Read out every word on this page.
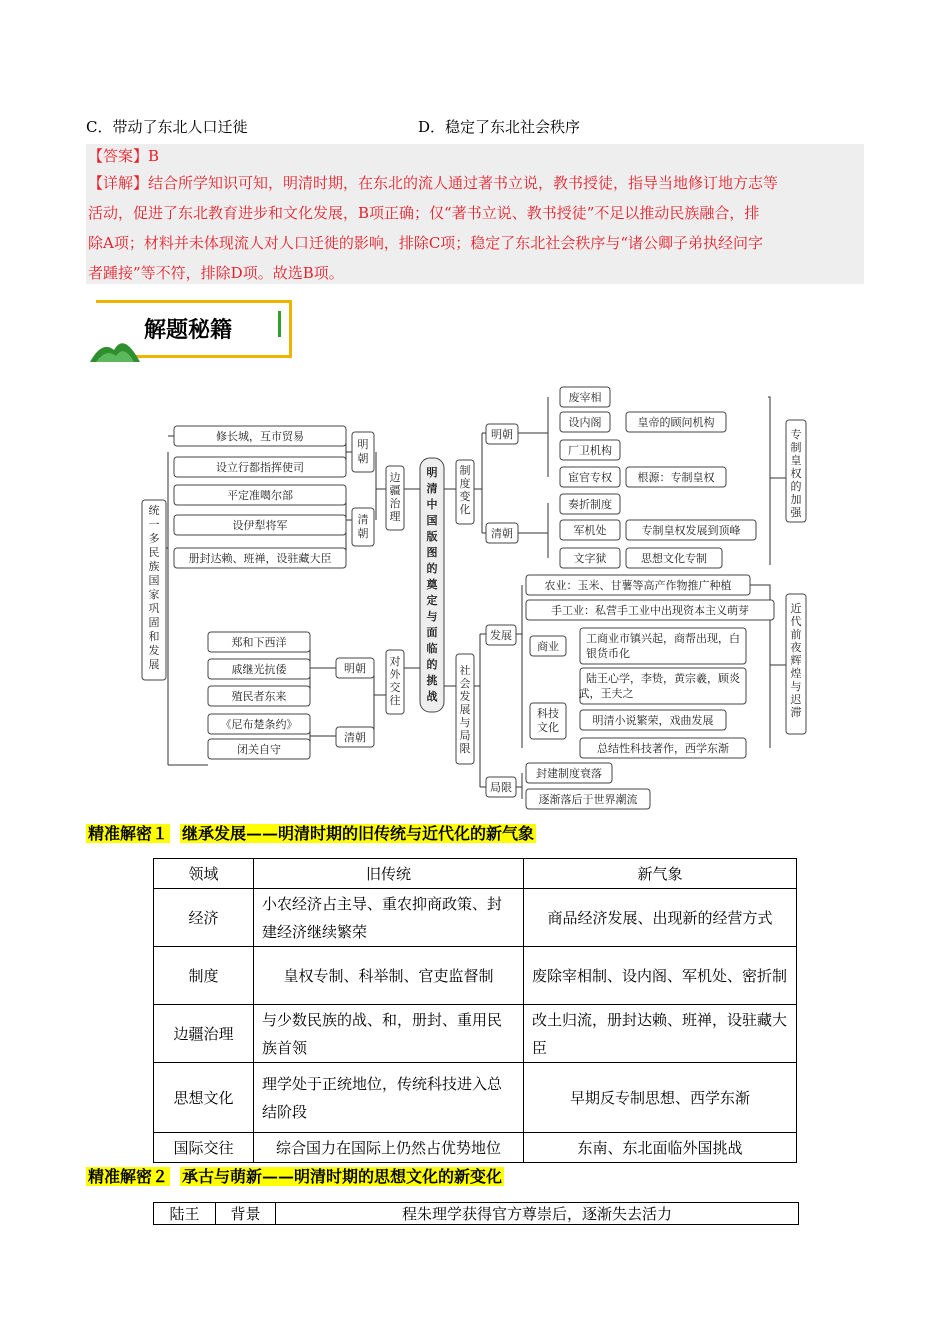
C．带动了东北人口迁徙	D．稳定了东北社会秩序
【答案】B
【详解】结合所学知识可知，明清时期，在东北的流人通过著书立说，教书授徒，指导当地修订地方志等
活动，促进了东北教育进步和文化发展，B项正确；仅“著书立说、教书授徒”不足以推动民族融合，排
除A项；材料并未体现流人对人口迁徙的影响，排除C项；稳定了东北社会秩序与“诸公卿子弟执经问字
者踵接”等不符，排除D项。故选B项。
解题秘籍
统一多民族国家巩固和发展
修长城，互市贸易
设立行都指挥使司
平定准噶尔部
设伊犁将军
册封达赖、班禅，设驻藏大臣
明朝
清朝
边疆治理
郑和下西洋
戚继光抗倭
殖民者东来
《尼布楚条约》
闭关自守
明朝
清朝
对外交往
明清中国版图的奠定与面临的挑战
制度变化
明朝
清朝
废宰相
设内阁
厂卫机构
宦官专权
皇帝的顾问机构
根源：专制皇权
奏折制度
军机处
文字狱
专制皇权发展到顶峰
思想文化专制
专制皇权的加强
社会发展与局限
发展
局限
农业：玉米、甘薯等高产作物推广种植
手工业：私营手工业中出现资本主义萌芽
商业
工商业市镇兴起，商帮出现，白银货币化
科技文化
陆王心学，李贽，黄宗羲，顾炎武，王夫之
明清小说繁荣，戏曲发展
总结性科技著作，西学东渐
封建制度衰落
逐渐落后于世界潮流
近代前夜辉煌与迟滞
精准解密１ 继承发展——明清时期的旧传统与近代化的新气象
领域	旧传统	新气象
经济	小农经济占主导、重农抑商政策、封建经济继续繁荣	商品经济发展、出现新的经营方式
制度	皇权专制、科举制、官吏监督制	废除宰相制、设内阁、军机处、密折制
边疆治理	与少数民族的战、和，册封、重用民族首领	改土归流，册封达赖、班禅，设驻藏大臣
思想文化	理学处于正统地位，传统科技进入总结阶段	早期反专制思想、西学东渐
国际交往	综合国力在国际上仍然占优势地位	东南、东北面临外国挑战
精准解密２ 承古与萌新——明清时期的思想文化的新变化
陆王	背景	程朱理学获得官方尊崇后，逐渐失去活力
